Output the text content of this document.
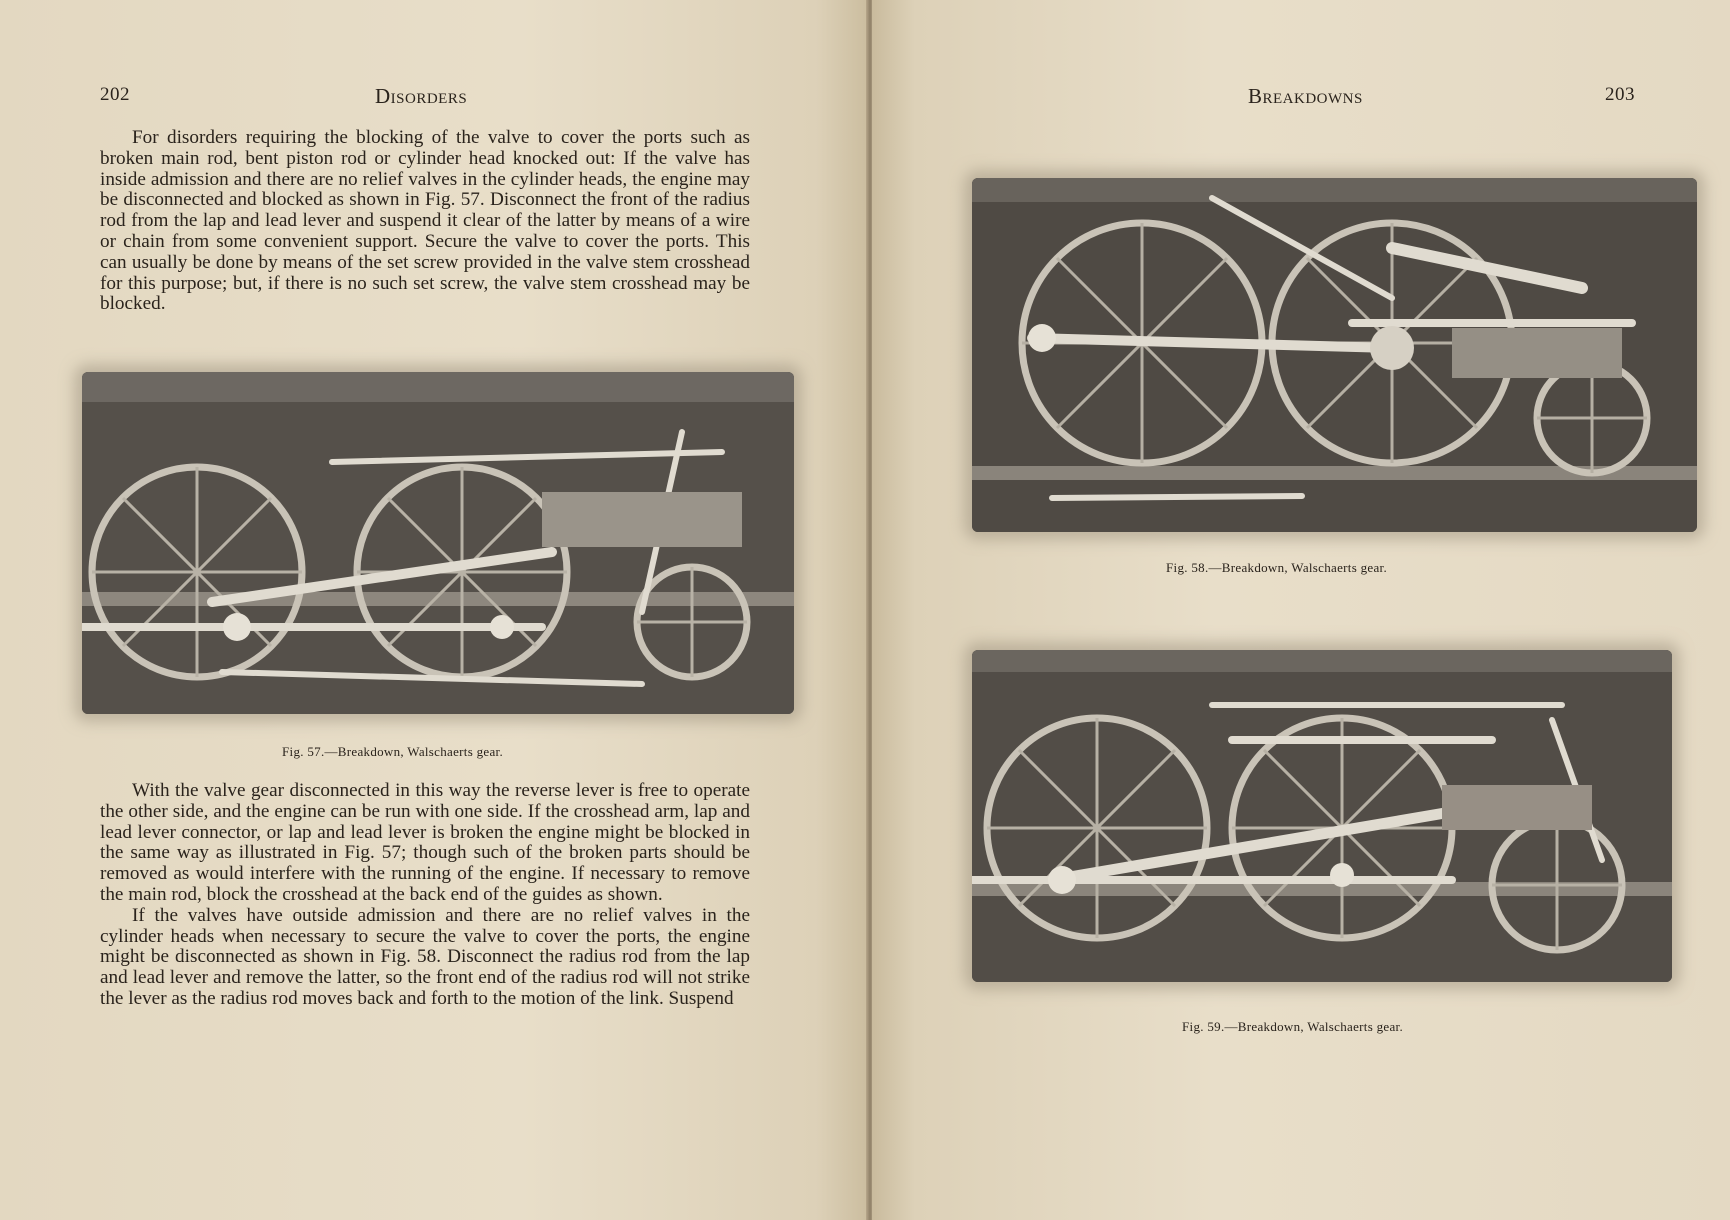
202	Disorders

For disorders requiring the blocking of the valve to cover the ports such as broken main rod, bent piston rod or cylinder head knocked out: If the valve has inside admission and there are no relief valves in the cylinder heads, the engine may be disconnected and blocked as shown in Fig. 57. Disconnect the front of the radius rod from the lap and lead lever and suspend it clear of the latter by means of a wire or chain from some convenient support. Secure the valve to cover the ports. This can usually be done by means of the set screw provided in the valve stem crosshead for this purpose; but, if there is no such set screw, the valve stem crosshead may be blocked.

Fig. 57.—Breakdown, Walschaerts gear.

With the valve gear disconnected in this way the reverse lever is free to operate the other side, and the engine can be run with one side. If the crosshead arm, lap and lead lever connector, or lap and lead lever is broken the engine might be blocked in the same way as illustrated in Fig. 57; though such of the broken parts should be removed as would interfere with the running of the engine. If necessary to remove the main rod, block the crosshead at the back end of the guides as shown.

If the valves have outside admission and there are no relief valves in the cylinder heads when necessary to secure the valve to cover the ports, the engine might be disconnected as shown in Fig. 58. Disconnect the radius rod from the lap and lead lever and remove the latter, so the front end of the radius rod will not strike the lever as the radius rod moves back and forth to the motion of the link. Suspend

Breakdowns	203
Fig. 58.—Breakdown, Walschaerts gear.
Fig. 59.—Breakdown, Walschaerts gear.
